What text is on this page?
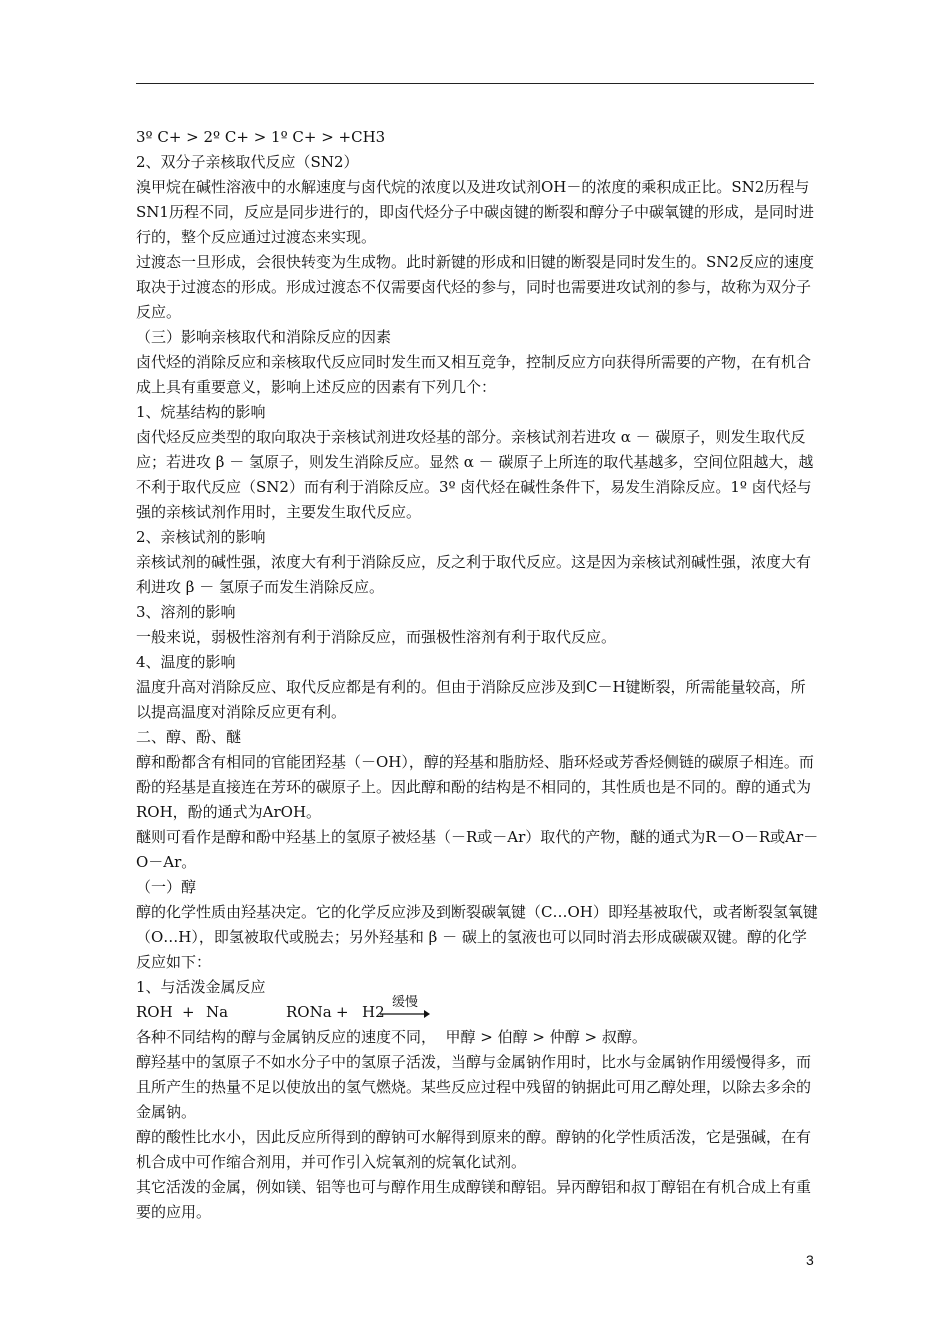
3º C+ > 2º C+ > 1º C+ > +CH3

2、双分子亲核取代反应（SN2）

溴甲烷在碱性溶液中的水解速度与卤代烷的浓度以及进攻试剂OH－的浓度的乘积成正比。SN2历程与SN1历程不同，反应是同步进行的，即卤代烃分子中碳卤键的断裂和醇分子中碳氧键的形成，是同时进行的，整个反应通过过渡态来实现。

过渡态一旦形成，会很快转变为生成物。此时新键的形成和旧键的断裂是同时发生的。SN2反应的速度取决于过渡态的形成。形成过渡态不仅需要卤代烃的参与，同时也需要进攻试剂的参与，故称为双分子反应。

（三）影响亲核取代和消除反应的因素

卤代烃的消除反应和亲核取代反应同时发生而又相互竞争，控制反应方向获得所需要的产物，在有机合成上具有重要意义，影响上述反应的因素有下列几个：

1、烷基结构的影响

卤代烃反应类型的取向取决于亲核试剂进攻烃基的部分。亲核试剂若进攻 α － 碳原子，则发生取代反应；若进攻 β － 氢原子，则发生消除反应。显然 α － 碳原子上所连的取代基越多，空间位阻越大，越不利于取代反应（SN2）而有利于消除反应。3º 卤代烃在碱性条件下，易发生消除反应。1º 卤代烃与强的亲核试剂作用时，主要发生取代反应。

2、亲核试剂的影响

亲核试剂的碱性强，浓度大有利于消除反应，反之利于取代反应。这是因为亲核试剂碱性强，浓度大有利进攻 β － 氢原子而发生消除反应。

3、溶剂的影响

一般来说，弱极性溶剂有利于消除反应，而强极性溶剂有利于取代反应。

4、温度的影响

温度升高对消除反应、取代反应都是有利的。但由于消除反应涉及到C－H键断裂，所需能量较高，所以提高温度对消除反应更有利。

二、醇、酚、醚

醇和酚都含有相同的官能团羟基（－OH），醇的羟基和脂肪烃、脂环烃或芳香烃侧链的碳原子相连。而酚的羟基是直接连在芳环的碳原子上。因此醇和酚的结构是不相同的，其性质也是不同的。醇的通式为ROH，酚的通式为ArOH。

醚则可看作是醇和酚中羟基上的氢原子被烃基（－R或－Ar）取代的产物，醚的通式为R－O－R或Ar－O－Ar。

（一）醇

醇的化学性质由羟基决定。它的化学反应涉及到断裂碳氧键（C…OH）即羟基被取代，或者断裂氢氧键（O…H），即氢被取代或脱去；另外羟基和 β － 碳上的氢液也可以同时消去形成碳碳双键。醇的化学反应如下：

1、与活泼金属反应

ROH

+

Na

	RONa

+

H2

缓慢

各种不同结构的醇与金属钠反应的速度不同，  甲醇 > 伯醇 > 仲醇 > 叔醇。

醇羟基中的氢原子不如水分子中的氢原子活泼，当醇与金属钠作用时，比水与金属钠作用缓慢得多，而且所产生的热量不足以使放出的氢气燃烧。某些反应过程中残留的钠据此可用乙醇处理，以除去多余的金属钠。

醇的酸性比水小，因此反应所得到的醇钠可水解得到原来的醇。醇钠的化学性质活泼，它是强碱，在有机合成中可作缩合剂用，并可作引入烷氧剂的烷氧化试剂。

其它活泼的金属，例如镁、铝等也可与醇作用生成醇镁和醇铝。异丙醇铝和叔丁醇铝在有机合成上有重要的应用。

3
